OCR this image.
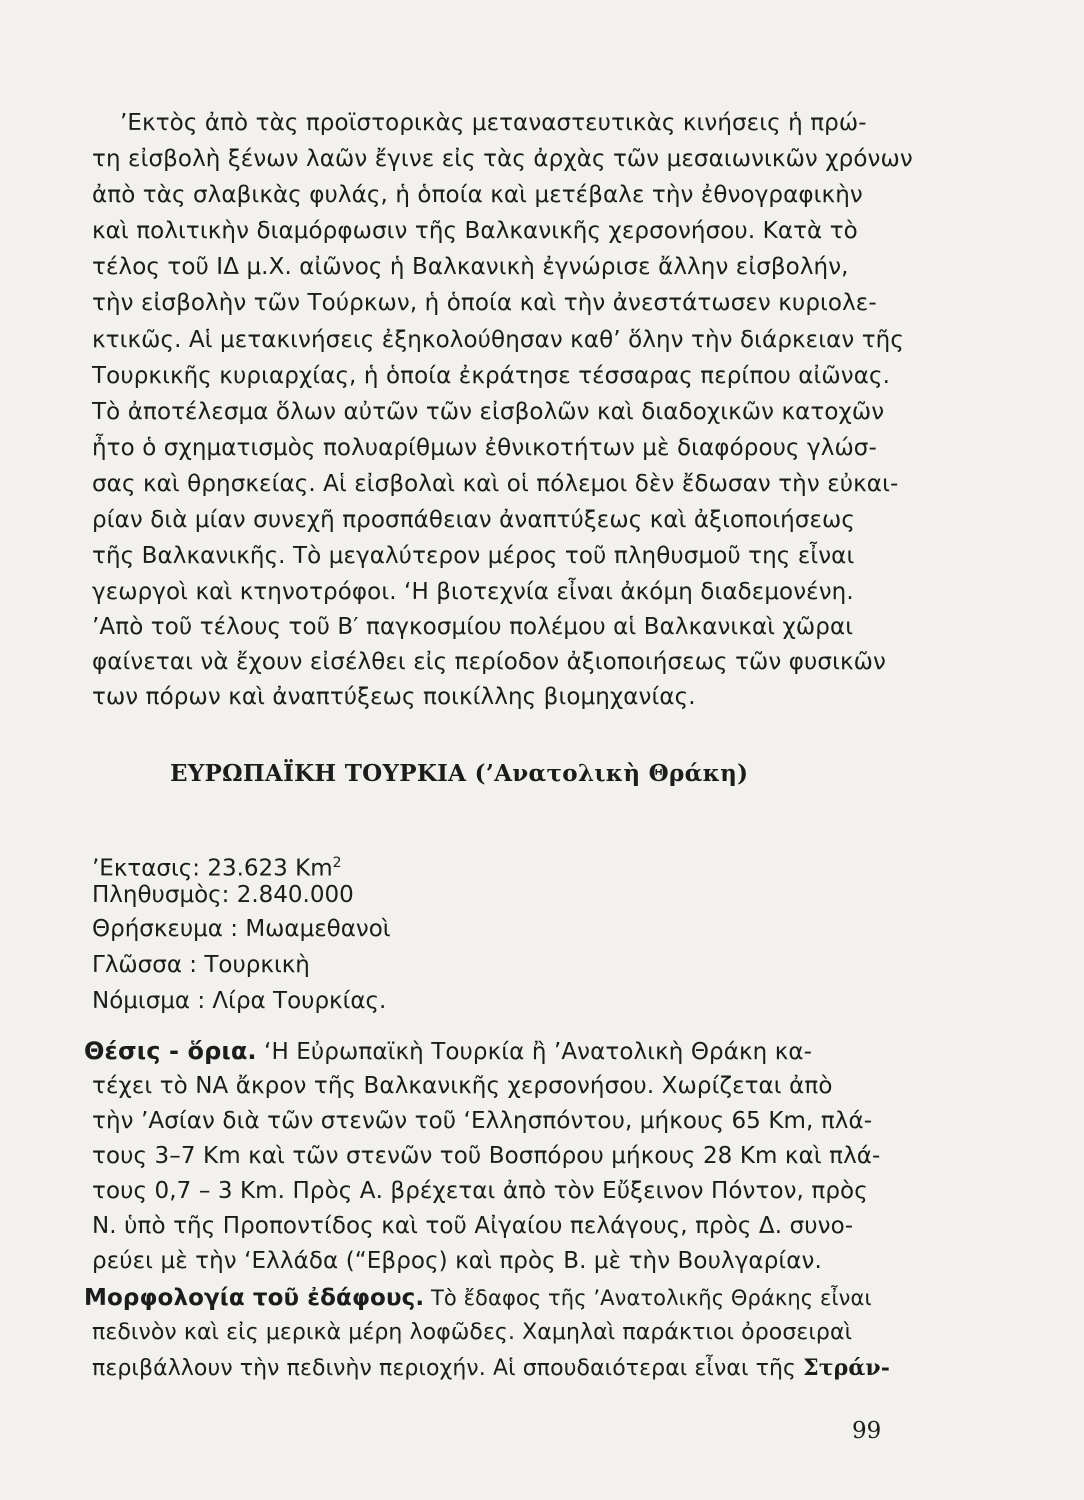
’Εκτὸς ἀπὸ τὰς προϊστορικὰς μεταναστευτικὰς κινήσεις ἡ πρώ-
τη εἰσβολὴ ξένων λαῶν ἔγινε εἰς τὰς ἀρχὰς τῶν μεσαιωνικῶν χρόνων
ἀπὸ τὰς σλαβικὰς φυλάς, ἡ ὁποία καὶ μετέβαλε τὴν ἐθνογραφικὴν
καὶ πολιτικὴν διαμόρφωσιν τῆς Βαλκανικῆς χερσονήσου. Κατὰ τὸ
τέλος τοῦ ΙΔ μ.Χ. αἰῶνος ἡ Βαλκανικὴ ἐγνώρισε ἄλλην εἰσβολήν,
τὴν εἰσβολὴν τῶν Τούρκων, ἡ ὁποία καὶ τὴν ἀνεστάτωσεν κυριολε-
κτικῶς. Αἱ μετακινήσεις ἐξηκολούθησαν καθ’ ὅλην τὴν διάρκειαν τῆς
Τουρκικῆς κυριαρχίας, ἡ ὁποία ἐκράτησε τέσσαρας περίπου αἰῶνας.
Τὸ ἀποτέλεσμα ὅλων αὐτῶν τῶν εἰσβολῶν καὶ διαδοχικῶν κατοχῶν
ἦτο ὁ σχηματισμὸς πολυαρίθμων ἐθνικοτήτων μὲ διαφόρους γλώσ-
σας καὶ θρησκείας. Αἱ εἰσβολαὶ καὶ οἱ πόλεμοι δὲν ἔδωσαν τὴν εὐκαι-
ρίαν διὰ μίαν συνεχῆ προσπάθειαν ἀναπτύξεως καὶ ἀξιοποιήσεως
τῆς Βαλκανικῆς. Τὸ μεγαλύτερον μέρος τοῦ πληθυσμοῦ της εἶναι
γεωργοὶ καὶ κτηνοτρόφοι. ‘Η βιοτεχνία εἶναι ἀκόμη διαδεμονένη.
’Απὸ τοῦ τέλους τοῦ Β′ παγκοσμίου πολέμου αἱ Βαλκανικαὶ χῶραι
φαίνεται νὰ ἔχουν εἰσέλθει εἰς περίοδον ἀξιοποιήσεως τῶν φυσικῶν
των πόρων καὶ ἀναπτύξεως ποικίλλης βιομηχανίας.
ΕΥΡΩΠΑΪΚΗ ΤΟΥΡΚΙΑ (’Ανατολικὴ Θράκη)
’Εκτασις: 23.623 Km$^2$
Πληθυσμὸς: 2.840.000
Θρήσκευμα : Μωαμεθανοὶ
Γλῶσσα : Τουρκικὴ
Νόμισμα : Λίρα Τουρκίας.
Θέσις - ὅρια. ‘Η Εὐρωπαϊκὴ Τουρκία ἢ ’Ανατολικὴ Θράκη κα-
τέχει τὸ ΝΑ ἄκρον τῆς Βαλκανικῆς χερσονήσου. Χωρίζεται ἀπὸ
τὴν ’Ασίαν διὰ τῶν στενῶν τοῦ ‘Ελλησπόντου, μήκους 65 Km, πλά-
τους 3–7 Km καὶ τῶν στενῶν τοῦ Βοσπόρου μήκους 28 Km καὶ πλά-
τους 0,7 – 3 Km. Πρὸς Α. βρέχεται ἀπὸ τὸν Εὔξεινον Πόντον, πρὸς
Ν. ὑπὸ τῆς Προποντίδος καὶ τοῦ Αἰγαίου πελάγους, πρὸς Δ. συνο-
ρεύει μὲ τὴν ‘Ελλάδα (“Εβρος) καὶ πρὸς Β. μὲ τὴν Βουλγαρίαν.
Μορφολογία τοῦ ἐδάφους. Τὸ ἔδαφος τῆς ’Ανατολικῆς Θράκης εἶναι
πεδινὸν καὶ εἰς μερικὰ μέρη λοφῶδες. Χαμηλαὶ παράκτιοι ὀροσειραὶ
περιβάλλουν τὴν πεδινὴν περιοχήν. Αἱ σπουδαιότεραι εἶναι τῆς Στράν-
99
